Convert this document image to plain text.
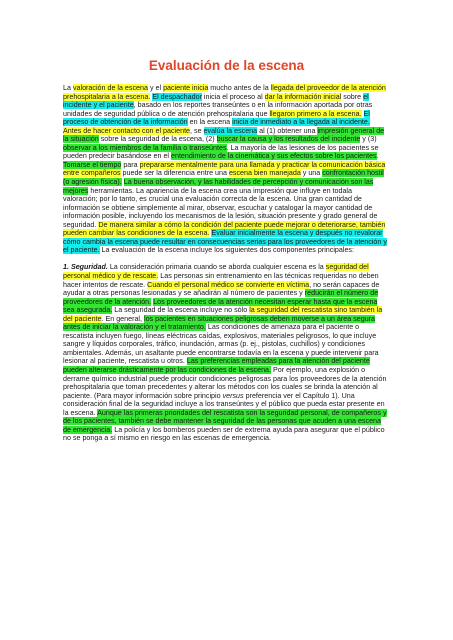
Evaluación de la escena

La valoración de la escena y el paciente inicia mucho antes de la llegada del proveedor de la atención prehospitalaria a la escena. El despachador inicia el proceso al dar la información inicial sobre el incidente y el paciente, basado en los reportes transeúntes o en la información aportada por otras unidades de seguridad pública o de atención prehospitalaria que llegaron primero a la escena. El proceso de obtención de la información en la escena inicia de inmediato a la llegada al incidente. Antes de hacer contacto con el paciente, se evalúa la escena al (1) obtener una impresión general de la situación sobre la seguridad de la escena, (2) buscar la causa y los resultados del incidente y (3) observar a los miembros de la familia o transeúntes. La mayoría de las lesiones de los pacientes se pueden predecir basándose en el entendimiento de la cinemática y sus efectos sobre los pacientes. Tomarse el tiempo para prepararse mentalmente para una llamada y practicar la comunicación básica entre compañeros puede ser la diferencia entre una escena bien manejada y una confrontación hostil (o agresión física). La buena observación, y las habilidades de percepción y comunicación son las mejores herramientas. La apariencia de la escena crea una impresión que influye en todala valoración; por lo tanto, es crucial una evaluación correcta de la escena. Una gran cantidad de información se obtiene simplemente al mirar, observar, escuchar y catalogar la mayor cantidad de información posible, incluyendo los mecanismos de la lesión, situación presente y grado general de seguridad. De manera similar a cómo la condición del paciente puede mejorar o deteriorarse, también pueden cambiar las condiciones de la escena. Evaluar inicialmente la escena y después no revalorar cómo cambia la escena puede resultar en consecuencias serias para los proveedores de la atención y el paciente. La evaluación de la escena incluye los siguientes dos componentes principales:

1. Seguridad. La consideración primaria cuando se aborda cualquier escena es la seguridad del personal médico y de rescate. Las personas sin entrenamiento en las técnicas requeridas no deben hacer intentos de rescate. Cuando el personal médico se convierte en víctima, no serán capaces de ayudar a otras personas lesionadas y se añadirán al número de pacientes y reducirán el número de proveedores de la atención. Los proveedores de la atención necesitan esperar hasta que la escena sea asegurada. La seguridad de la escena incluye no sólo la seguridad del rescatista sino también la del paciente. En general, los pacientes en situaciones peligrosas deben moverse a un área segura antes de iniciar la valoración y el tratamiento. Las condiciones de amenaza para el paciente o rescatista incluyen fuego, líneas eléctricas caídas, explosivos, materiales peligrosos, lo que incluye sangre y líquidos corporales, tráfico, inundación, armas (p. ej., pistolas, cuchillos) y condiciones ambientales. Además, un asaltante puede encontrarse todavía en la escena y puede intervenir para lesionar al paciente, rescatista u otros. Las preferencias empleadas para la atención del paciente pueden alterarse drásticamente por las condiciones de la escena. Por ejemplo, una explosión o derrame químico industrial puede producir condiciones peligrosas para los proveedores de la atención prehospitalaria que toman precedentes y alterar los métodos con los cuales se brinda la atención al paciente. (Para mayor información sobre principio versus preferencia ver el Capítulo 1). Una consideración final de la seguridad incluye a los transeúntes y el público que pueda estar presente en la escena. Aunque las primeras prioridades del rescatista son la seguridad personal, de compañeros y de los pacientes, también se debe mantener la seguridad de las personas que acuden a una escena de emergencia. La policía y los bomberos pueden ser de extrema ayuda para asegurar que el público no se ponga a sí mismo en riesgo en las escenas de emergencia.
